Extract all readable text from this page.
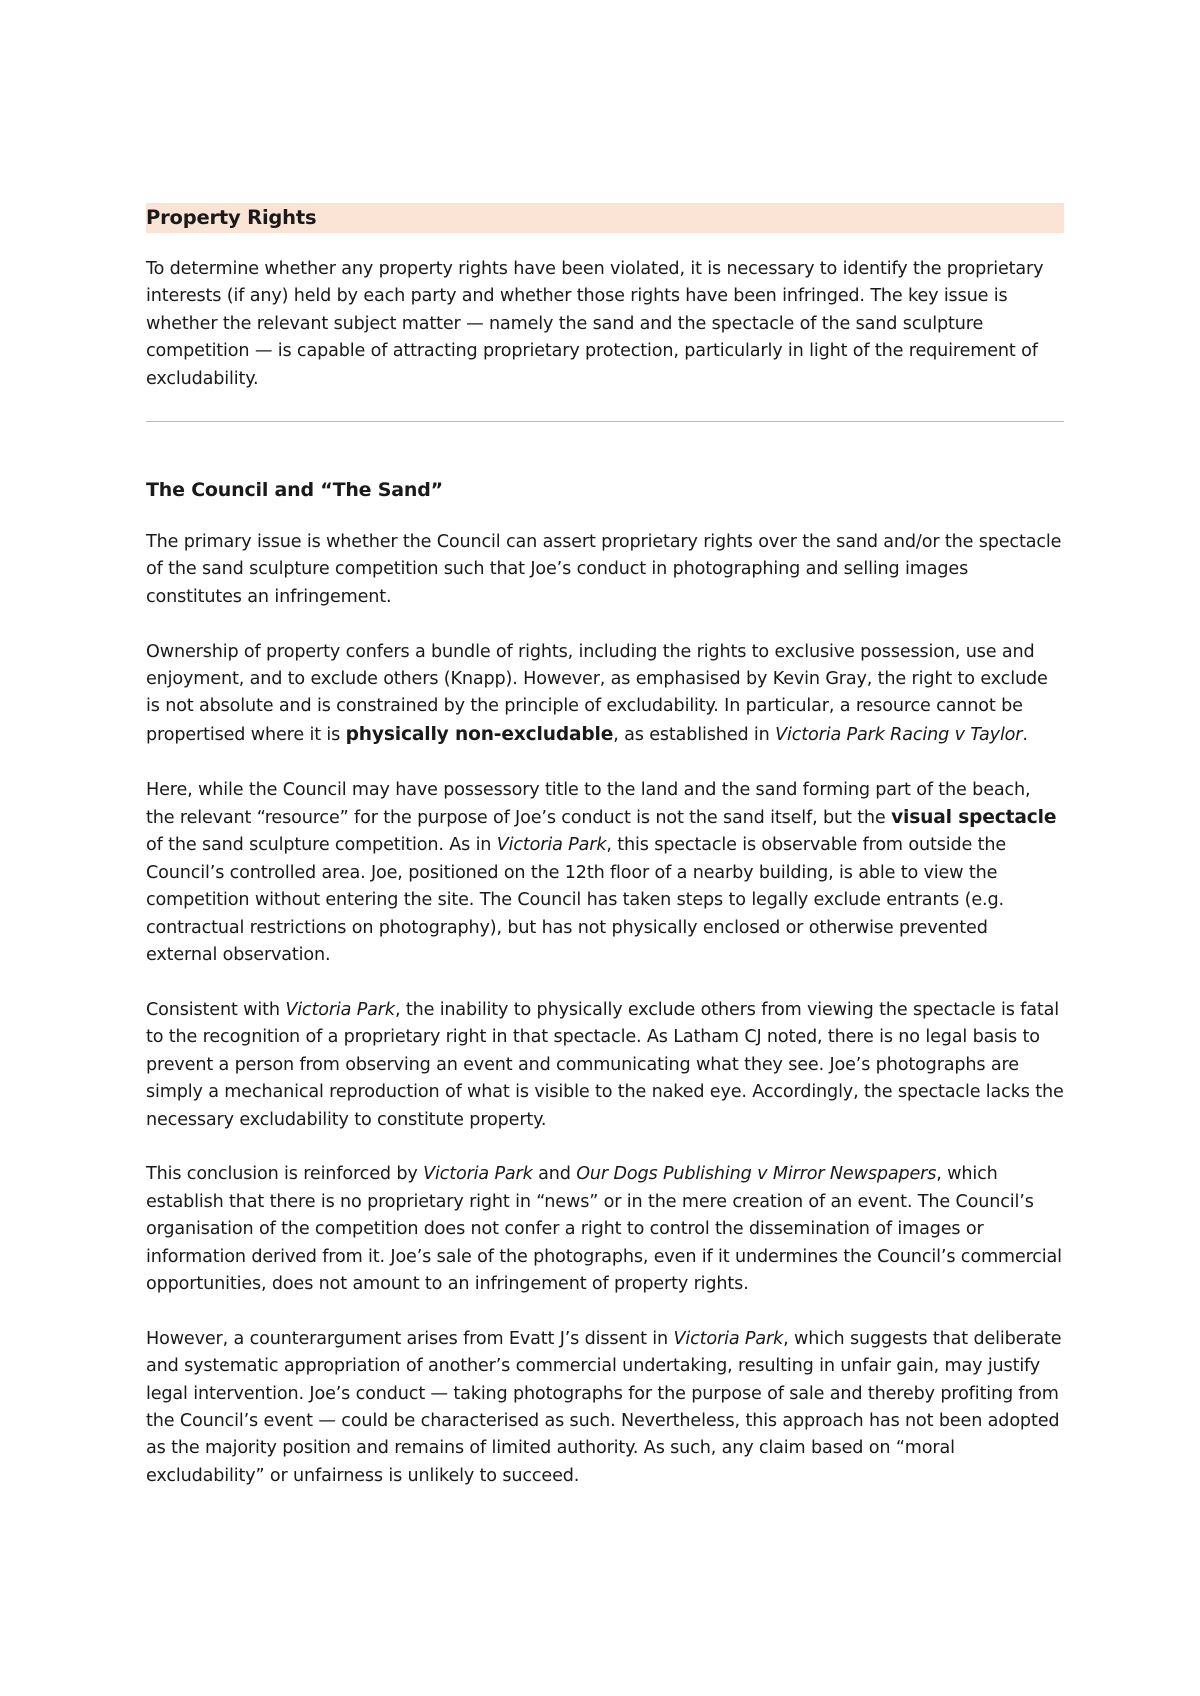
Property Rights

To determine whether any property rights have been violated, it is necessary to identify the proprietary interests (if any) held by each party and whether those rights have been infringed. The key issue is whether the relevant subject matter — namely the sand and the spectacle of the sand sculpture competition — is capable of attracting proprietary protection, particularly in light of the requirement of excludability.

The Council and “The Sand”

The primary issue is whether the Council can assert proprietary rights over the sand and/or the spectacle of the sand sculpture competition such that Joe’s conduct in photographing and selling images constitutes an infringement.

Ownership of property confers a bundle of rights, including the rights to exclusive possession, use and enjoyment, and to exclude others (Knapp). However, as emphasised by Kevin Gray, the right to exclude is not absolute and is constrained by the principle of excludability. In particular, a resource cannot be propertised where it is physically non-excludable, as established in Victoria Park Racing v Taylor.

Here, while the Council may have possessory title to the land and the sand forming part of the beach, the relevant “resource” for the purpose of Joe’s conduct is not the sand itself, but the visual spectacle of the sand sculpture competition. As in Victoria Park, this spectacle is observable from outside the Council’s controlled area. Joe, positioned on the 12th floor of a nearby building, is able to view the competition without entering the site. The Council has taken steps to legally exclude entrants (e.g. contractual restrictions on photography), but has not physically enclosed or otherwise prevented external observation.

Consistent with Victoria Park, the inability to physically exclude others from viewing the spectacle is fatal to the recognition of a proprietary right in that spectacle. As Latham CJ noted, there is no legal basis to prevent a person from observing an event and communicating what they see. Joe’s photographs are simply a mechanical reproduction of what is visible to the naked eye. Accordingly, the spectacle lacks the necessary excludability to constitute property.

This conclusion is reinforced by Victoria Park and Our Dogs Publishing v Mirror Newspapers, which establish that there is no proprietary right in “news” or in the mere creation of an event. The Council’s organisation of the competition does not confer a right to control the dissemination of images or information derived from it. Joe’s sale of the photographs, even if it undermines the Council’s commercial opportunities, does not amount to an infringement of property rights.

However, a counterargument arises from Evatt J’s dissent in Victoria Park, which suggests that deliberate and systematic appropriation of another’s commercial undertaking, resulting in unfair gain, may justify legal intervention. Joe’s conduct — taking photographs for the purpose of sale and thereby profiting from the Council’s event — could be characterised as such. Nevertheless, this approach has not been adopted as the majority position and remains of limited authority. As such, any claim based on “moral excludability” or unfairness is unlikely to succeed.
